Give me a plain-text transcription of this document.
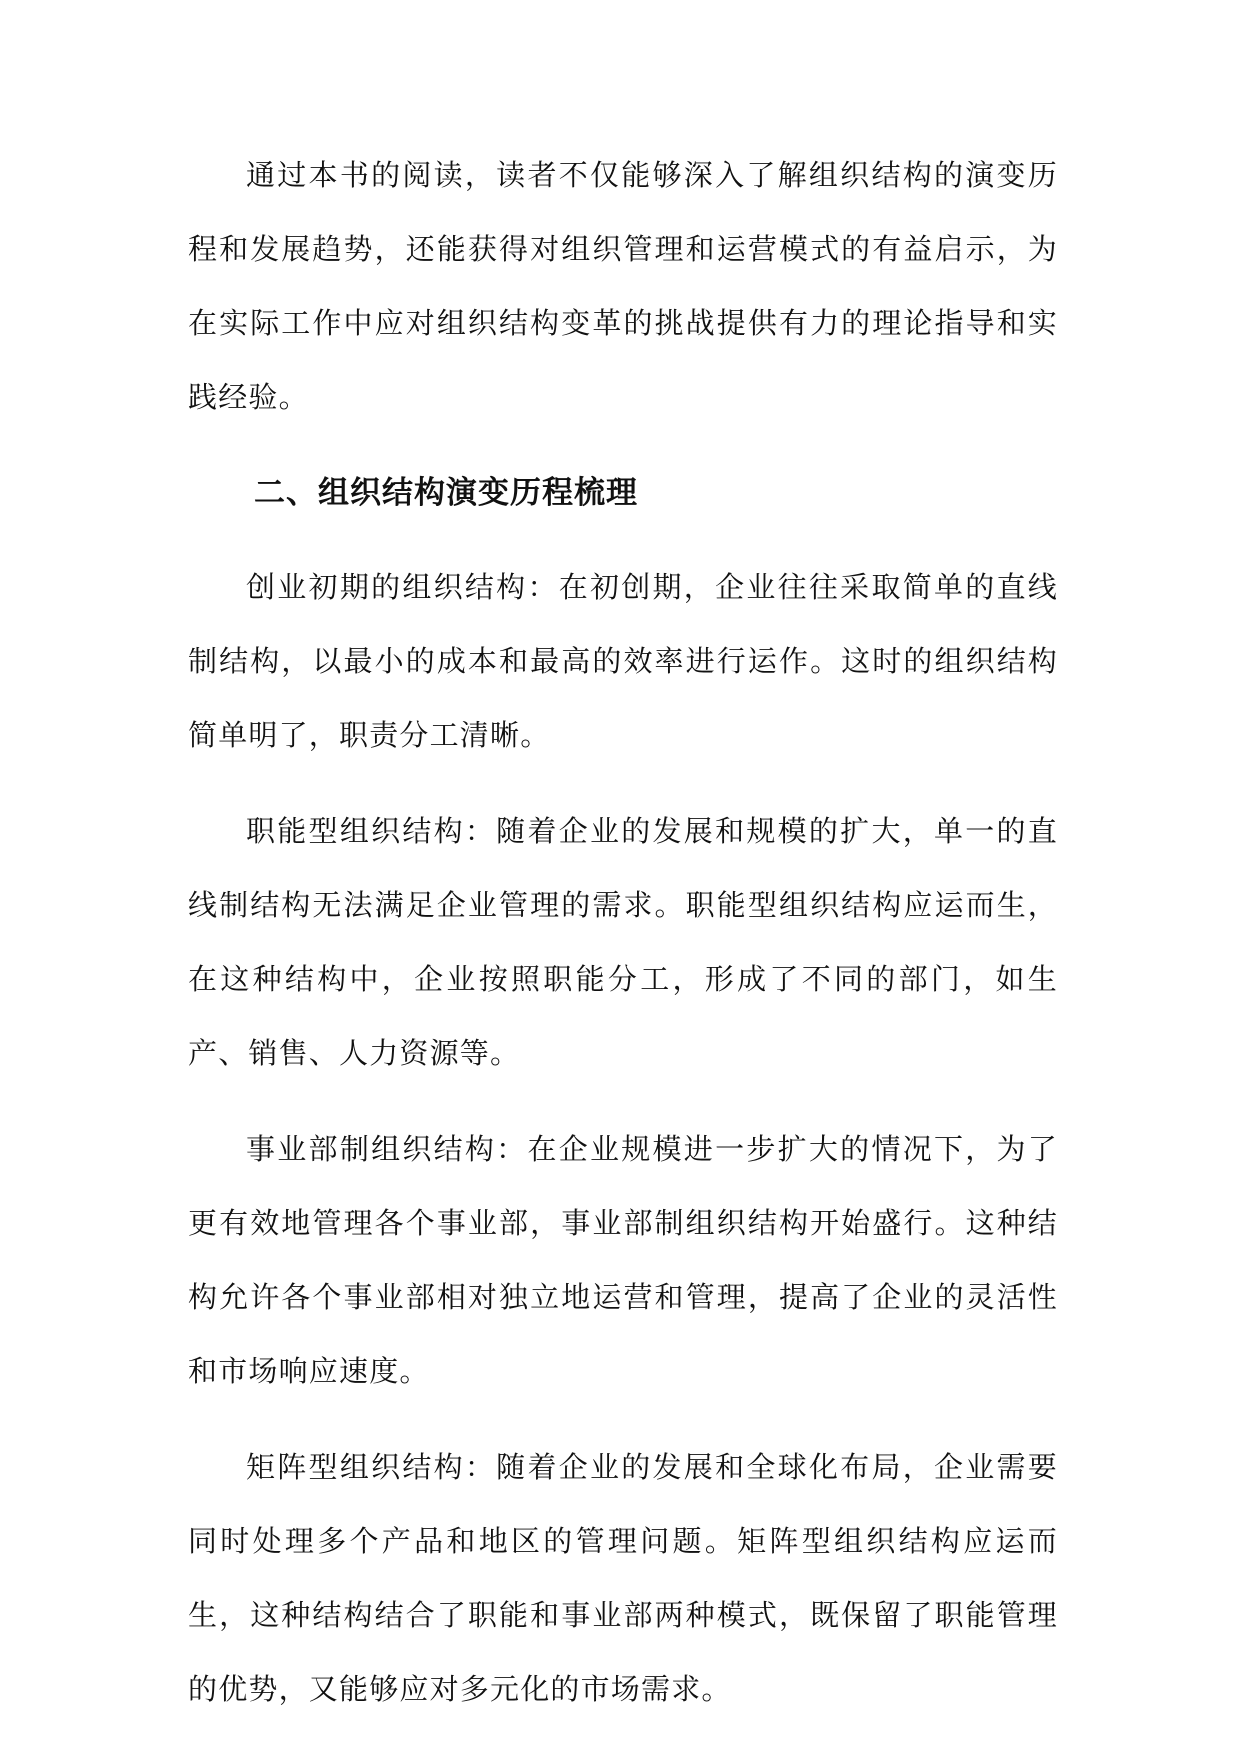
通过本书的阅读，读者不仅能够深入了解组织结构的演变历程和发展趋势，还能获得对组织管理和运营模式的有益启示，为在实际工作中应对组织结构变革的挑战提供有力的理论指导和实践经验。

二、组织结构演变历程梳理

创业初期的组织结构：在初创期，企业往往采取简单的直线制结构，以最小的成本和最高的效率进行运作。这时的组织结构简单明了，职责分工清晰。

职能型组织结构：随着企业的发展和规模的扩大，单一的直线制结构无法满足企业管理的需求。职能型组织结构应运而生，在这种结构中，企业按照职能分工，形成了不同的部门，如生产、销售、人力资源等。

事业部制组织结构：在企业规模进一步扩大的情况下，为了更有效地管理各个事业部，事业部制组织结构开始盛行。这种结构允许各个事业部相对独立地运营和管理，提高了企业的灵活性和市场响应速度。

矩阵型组织结构：随着企业的发展和全球化布局，企业需要同时处理多个产品和地区的管理问题。矩阵型组织结构应运而生，这种结构结合了职能和事业部两种模式，既保留了职能管理的优势，又能够应对多元化的市场需求。
